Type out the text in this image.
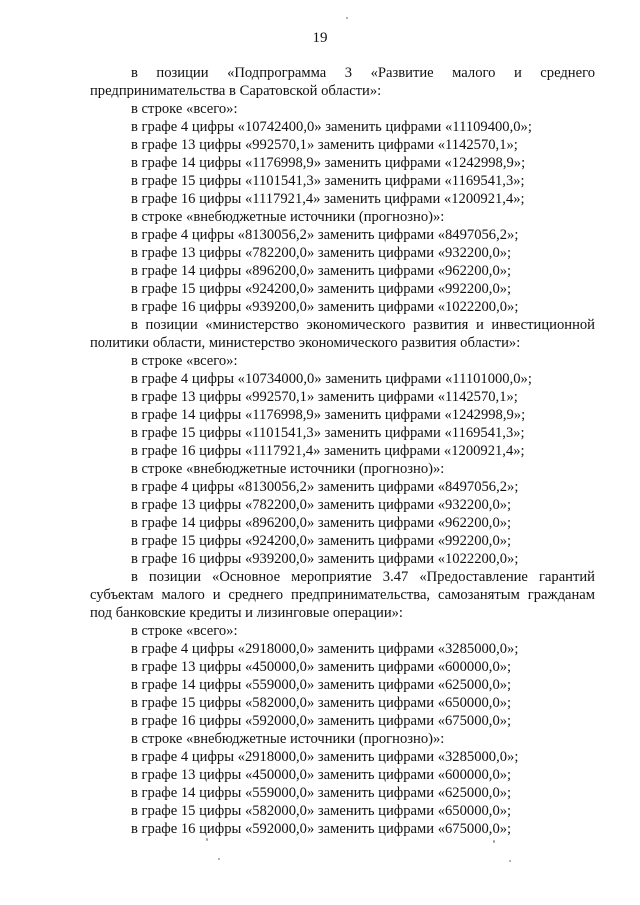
19
в позиции «Подпрограмма 3 «Развитие малого и среднего
предпринимательства в Саратовской области»:
в строке «всего»:
в графе 4 цифры «10742400,0» заменить цифрами «11109400,0»;
в графе 13 цифры «992570,1» заменить цифрами «1142570,1»;
в графе 14 цифры «1176998,9» заменить цифрами «1242998,9»;
в графе 15 цифры «1101541,3» заменить цифрами «1169541,3»;
в графе 16 цифры «1117921,4» заменить цифрами «1200921,4»;
в строке «внебюджетные источники (прогнозно)»:
в графе 4 цифры «8130056,2» заменить цифрами «8497056,2»;
в графе 13 цифры «782200,0» заменить цифрами «932200,0»;
в графе 14 цифры «896200,0» заменить цифрами «962200,0»;
в графе 15 цифры «924200,0» заменить цифрами «992200,0»;
в графе 16 цифры «939200,0» заменить цифрами «1022200,0»;
в позиции «министерство экономического развития и инвестиционной
политики области, министерство экономического развития области»:
в строке «всего»:
в графе 4 цифры «10734000,0» заменить цифрами «11101000,0»;
в графе 13 цифры «992570,1» заменить цифрами «1142570,1»;
в графе 14 цифры «1176998,9» заменить цифрами «1242998,9»;
в графе 15 цифры «1101541,3» заменить цифрами «1169541,3»;
в графе 16 цифры «1117921,4» заменить цифрами «1200921,4»;
в строке «внебюджетные источники (прогнозно)»:
в графе 4 цифры «8130056,2» заменить цифрами «8497056,2»;
в графе 13 цифры «782200,0» заменить цифрами «932200,0»;
в графе 14 цифры «896200,0» заменить цифрами «962200,0»;
в графе 15 цифры «924200,0» заменить цифрами «992200,0»;
в графе 16 цифры «939200,0» заменить цифрами «1022200,0»;
в позиции «Основное мероприятие 3.47 «Предоставление гарантий
субъектам малого и среднего предпринимательства, самозанятым гражданам
под банковские кредиты и лизинговые операции»:
в строке «всего»:
в графе 4 цифры «2918000,0» заменить цифрами «3285000,0»;
в графе 13 цифры «450000,0» заменить цифрами «600000,0»;
в графе 14 цифры «559000,0» заменить цифрами «625000,0»;
в графе 15 цифры «582000,0» заменить цифрами «650000,0»;
в графе 16 цифры «592000,0» заменить цифрами «675000,0»;
в строке «внебюджетные источники (прогнозно)»:
в графе 4 цифры «2918000,0» заменить цифрами «3285000,0»;
в графе 13 цифры «450000,0» заменить цифрами «600000,0»;
в графе 14 цифры «559000,0» заменить цифрами «625000,0»;
в графе 15 цифры «582000,0» заменить цифрами «650000,0»;
в графе 16 цифры «592000,0» заменить цифрами «675000,0»;
